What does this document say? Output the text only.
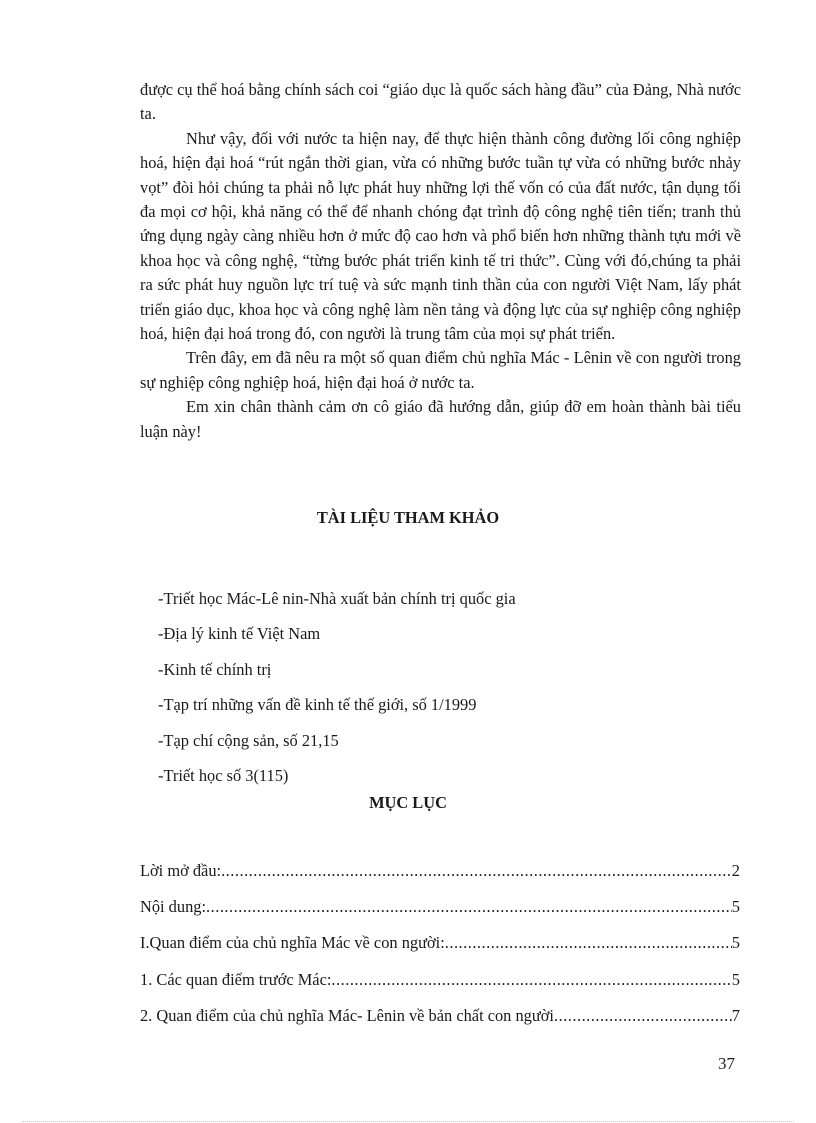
được cụ thể hoá bằng chính sách coi “giáo dục là quốc sách hàng đầu” của Đảng, Nhà nước ta.

Như vậy, đối với nước ta hiện nay, để thực hiện thành công đường lối công nghiệp hoá, hiện đại hoá “rút ngắn thời gian, vừa có những bước tuần tự vừa có những bước nhảy vọt” đòi hỏi chúng ta phải nỗ lực phát huy những lợi thế vốn có của đất nước, tận dụng tối đa mọi cơ hội, khả năng có thể để nhanh chóng đạt trình độ công nghệ tiên tiến; tranh thủ ứng dụng ngày càng nhiều hơn ở mức độ cao hơn và phổ biến hơn những thành tựu mới về khoa học và công nghệ, “từng bước phát triển kinh tế tri thức”. Cùng với đó,chúng ta phải ra sức phát huy nguồn lực trí tuệ và sức mạnh tinh thần của con người Việt Nam, lấy phát triển giáo dục, khoa học và công nghệ làm nền tảng và động lực của sự nghiệp công nghiệp hoá, hiện đại hoá trong đó, con người là trung tâm của mọi sự phát triển.

Trên đây, em đã nêu ra một số quan điểm chủ nghĩa Mác - Lênin về con người trong sự nghiệp công nghiệp hoá, hiện đại hoá ở nước ta.

Em xin chân thành cảm ơn cô giáo đã hướng dẫn, giúp đỡ em hoàn thành bài tiểu luận này!

TÀI LIỆU THAM KHẢO
-Triết học Mác-Lê nin-Nhà xuất bản chính trị quốc gia
-Địa lý kinh tế Việt Nam
-Kinh tế chính trị
-Tạp trí những vấn đề kinh tế thế giới, số 1/1999
-Tạp chí cộng sản, số 21,15
-Triết học số 3(115)
MỤC LỤC
Lời mở đầu: .....	2
Nội dung: .....	5
I.Quan điểm của chủ nghĩa Mác về con người: .....	5
1. Các quan điểm trước Mác: .....	5
2. Quan điểm của chủ nghĩa Mác- Lênin về bản chất con người .....	7
37
